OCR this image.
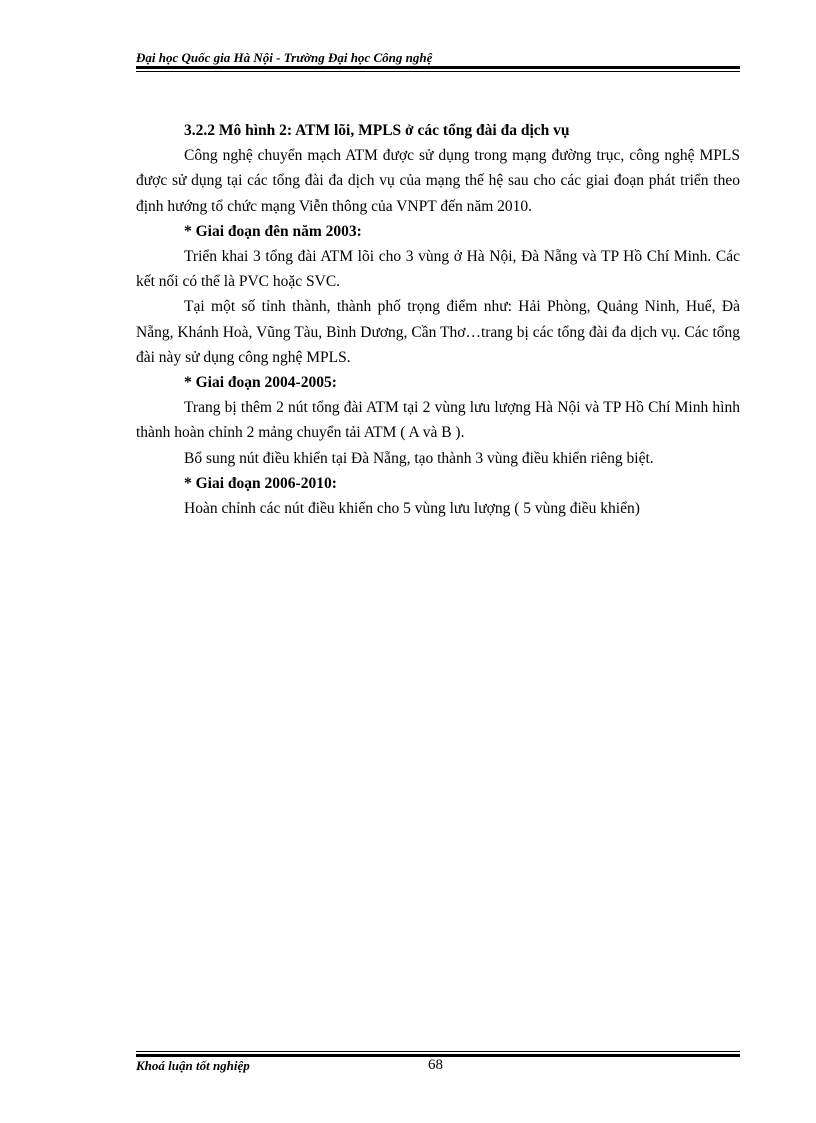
Đại học Quốc gia Hà Nội - Trường Đại học Công nghệ

3.2.2 Mô hình 2: ATM lõi, MPLS ở các tổng đài đa dịch vụ

Công nghệ chuyển mạch ATM được sử dụng trong mạng đường trục, công nghệ MPLS được sử dụng tại các tổng đài đa dịch vụ của mạng thế hệ sau cho các giai đoạn phát triển theo định hướng tổ chức mạng Viễn thông của VNPT đến năm 2010.

* Giai đoạn đên năm 2003:

Triển khai 3 tổng đài ATM lõi cho 3 vùng ở Hà Nội, Đà Nẵng và TP Hồ Chí Minh. Các kết nối có thể là PVC hoặc SVC.

Tại một số tỉnh thành, thành phố trọng điểm như: Hải Phòng, Quảng Ninh, Huế, Đà Nẵng, Khánh Hoà, Vũng Tàu, Bình Dương, Cần Thơ…trang bị các tổng đài đa dịch vụ. Các tổng đài này sử dụng công nghệ MPLS.

* Giai đoạn 2004-2005:

Trang bị thêm 2 nút tổng đài ATM tại 2 vùng lưu lượng Hà Nội và TP Hồ Chí Minh hình thành hoàn chỉnh 2 mảng chuyển tải ATM ( A và B ).

Bổ sung nút điều khiển tại Đà Nẵng, tạo thành 3 vùng điều khiển riêng biệt.

* Giai đoạn 2006-2010:

Hoàn chỉnh các nút điều khiển cho 5 vùng lưu lượng ( 5 vùng điều khiển)

Khoá luận tốt nghiệp	68
